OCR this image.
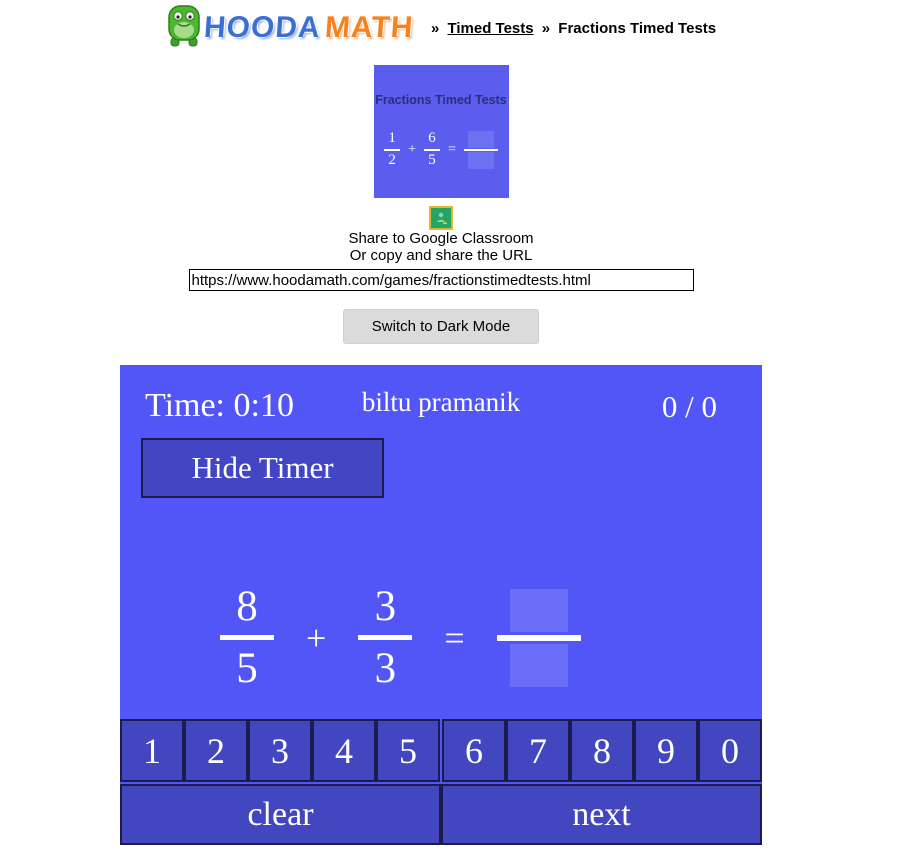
HOODA MATH » Timed Tests » Fractions Timed Tests
Fractions Timed Tests
1
2
+
6
5
=
Share to Google Classroom
Or copy and share the URL
https://www.hoodamath.com/games/fractionstimedtests.html Switch to Dark Mode
Time: 0:10	biltu pramanik	0 / 0
Hide Timer
8
5
+
3
3
=
1	2	3	4	5	6	7	8	9	0
clear	next
